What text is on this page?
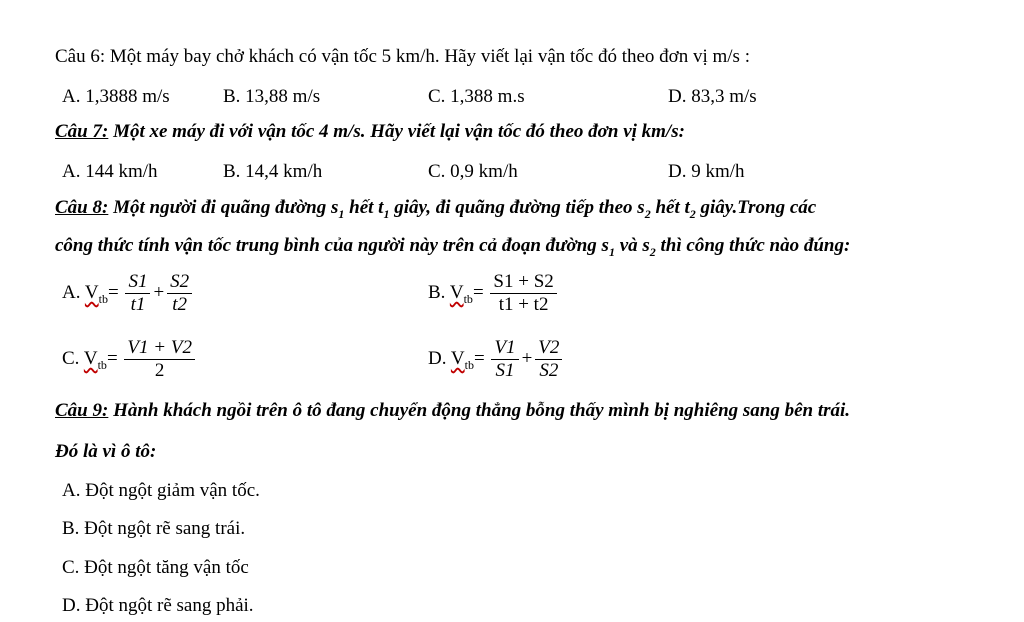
Câu 6: Một máy bay chở khách có vận tốc 5 km/h. Hãy viết lại vận tốc đó theo đơn vị m/s :
A. 1,3888 m/s	B. 13,88 m/s	C. 1,388 m.s	D. 83,3 m/s
Câu 7: Một xe máy đi với vận tốc 4 m/s. Hãy viết lại vận tốc đó theo đơn vị km/s:
A. 144 km/h	B. 14,4 km/h	C. 0,9 km/h	D. 9 km/h
Câu 8: Một người đi quãng đường $s_1$ hết $t_1$ giây, đi quãng đường tiếp theo $s_2$ hết $t_2$ giây.Trong các
công thức tính vận tốc trung bình của người này trên cả đoạn đường $s_1$ và $s_2$ thì công thức nào đúng:
A. $V_{tb}= \frac{S1}{t1} + \frac{S2}{t2}$	B. $V_{tb}= \frac{S1 + S2}{t1 + t2}$
C. $V_{tb}= \frac{V1 + V2}{2}$	D. $V_{tb}= \frac{V1}{S1} + \frac{V2}{S2}$
Câu 9: Hành khách ngồi trên ô tô đang chuyển động thẳng bỗng thấy mình bị nghiêng sang bên trái.
Đó là vì ô tô:
A. Đột ngột giảm vận tốc.
B. Đột ngột rẽ sang trái.
C. Đột ngột tăng vận tốc
D. Đột ngột rẽ sang phải.
